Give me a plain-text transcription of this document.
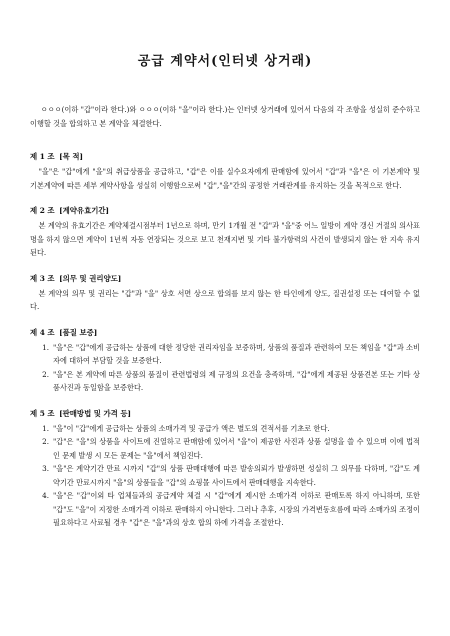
공급 계약서(인터넷 상거래)

ㅇㅇㅇ(이하 "갑"이라 한다.)와 ㅇㅇㅇ(이하 "을"이라 한다.)는 인터넷 상거래에 있어서 다음의 각 조항을 성실히 준수하고 이행할 것을 합의하고 본 계약을 체결한다.

제 1 조 [목 적]

"을"은 "갑"에게 "을"의 취급상품을 공급하고, "갑"은 이를 실수요자에게 판매함에 있어서 "갑"과 "을"은 이 기본계약 및 기본계약에 따른 세부 계약사항을 성실히 이행함으로써 "갑","을"간의 공정한 거래관계를 유지하는 것을 목적으로 한다.

제 2 조 [계약유효기간]

본 계약의 유효기간은 계약체결시점부터 1년으로 하며, 만기 1개월 전 "갑"과 "을"중 어느 일방이 계약 갱신 거절의 의사표명을 하지 않으면 계약이 1년씩 자동 연장되는 것으로 보고 천재지변 및 기타 불가항력의 사건이 발생되지 않는 한 지속 유지된다.

제 3 조 [의무 및 권리양도]

본 계약의 의무 및 권리는 "갑"과 "을" 상호 서면 상으로 합의를 보지 않는 한 타인에게 양도, 질권설정 또는 대여할 수 없다.

제 4 조 [품질 보증]

1. "을"은 "갑"에게 공급하는 상품에 대한 정당한 권리자임을 보증하며, 상품의 품질과 관련하여 모든 책임을 "갑"과 소비자에 대하여 부담할 것을 보증한다.
2. "을"은 본 계약에 따른 상품의 품질이 관련법령의 제 규정의 요건을 충족하며, "갑"에게 제공된 상품견본 또는 기타 상품사진과 동일함을 보증한다.

제 5 조 [판매방법 및 가격 등]

1. "을"이 "갑"에게 공급하는 상품의 소매가격 및 공급가 액은 별도의 견적서를 기초로 한다.
2. "갑"은 "을"의 상품을 사이트에 진열하고 판매함에 있어서 "을"이 제공한 사진과 상품 설명을 쓸 수 있으며 이에 법적인 문제 발생 시 모든 문제는 "을"에서 책임진다.
3. "을"은 계약기간 만료 시까지 "갑"의 상품 판매대행에 따른 발송의뢰가 발생하면 성실히 그 의무를 다하며, "갑"도 계약기간 만료시까지 "을"의 상품들을 "갑"의 쇼핑몰 사이트에서 판매대행을 지속한다.
4. "을"은 "갑"이외 타 업체들과의 공급계약 체결 시 "갑"에게 제시한 소매가격 이하로 판매토록 하지 아니하며, 또한 "갑"도 "을"이 지정한 소매가격 이하로 판매하지 아니한다. 그러나 추후, 시장의 가격변동흐름에 따라 소매가의 조정이 필요하다고 사료될 경우 "갑"은 "을"과의 상호 합의 하에 가격을 조절한다.
